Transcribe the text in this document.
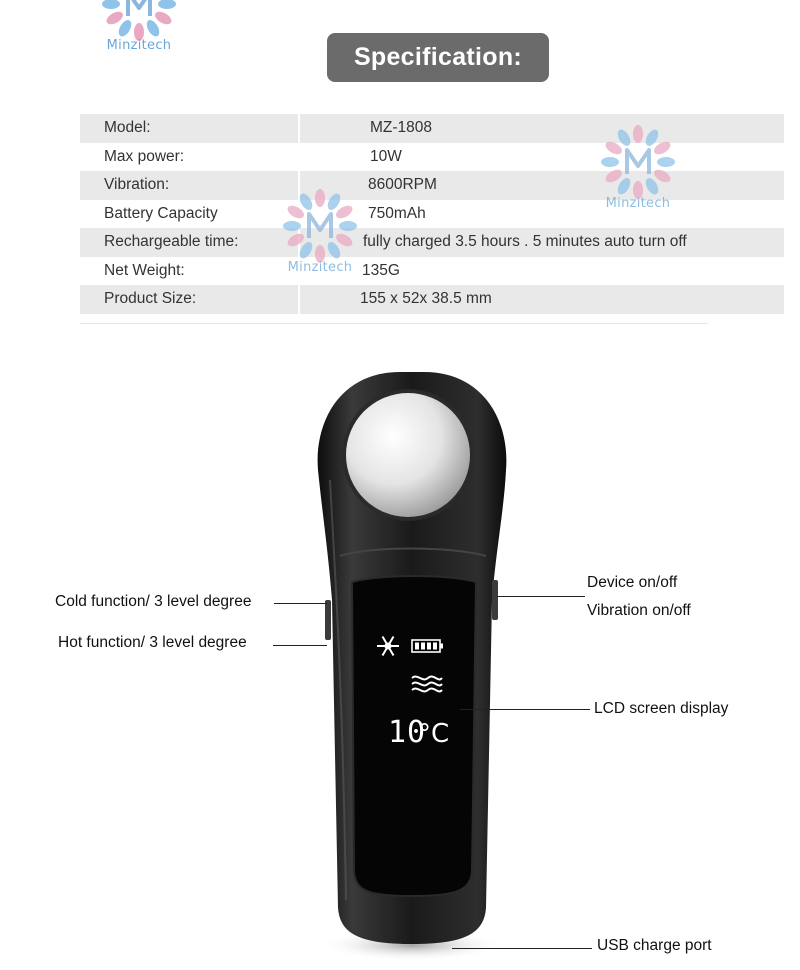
Minzitech	Specification:
Model:	MZ-1808
Max power:	10W
Vibration:	8600RPM
Battery Capacity	750mAh
Rechargeable time:	fully charged 3.5 hours . 5 minutes auto turn off
Net Weight:	135G
Product Size:	155 x 52x 38.5 mm
Minzitech
Minzitech
10
°C
Cold function/ 3 level degree
Hot function/ 3 level degree
Device on/off
Vibration on/off
LCD screen display
USB charge port
